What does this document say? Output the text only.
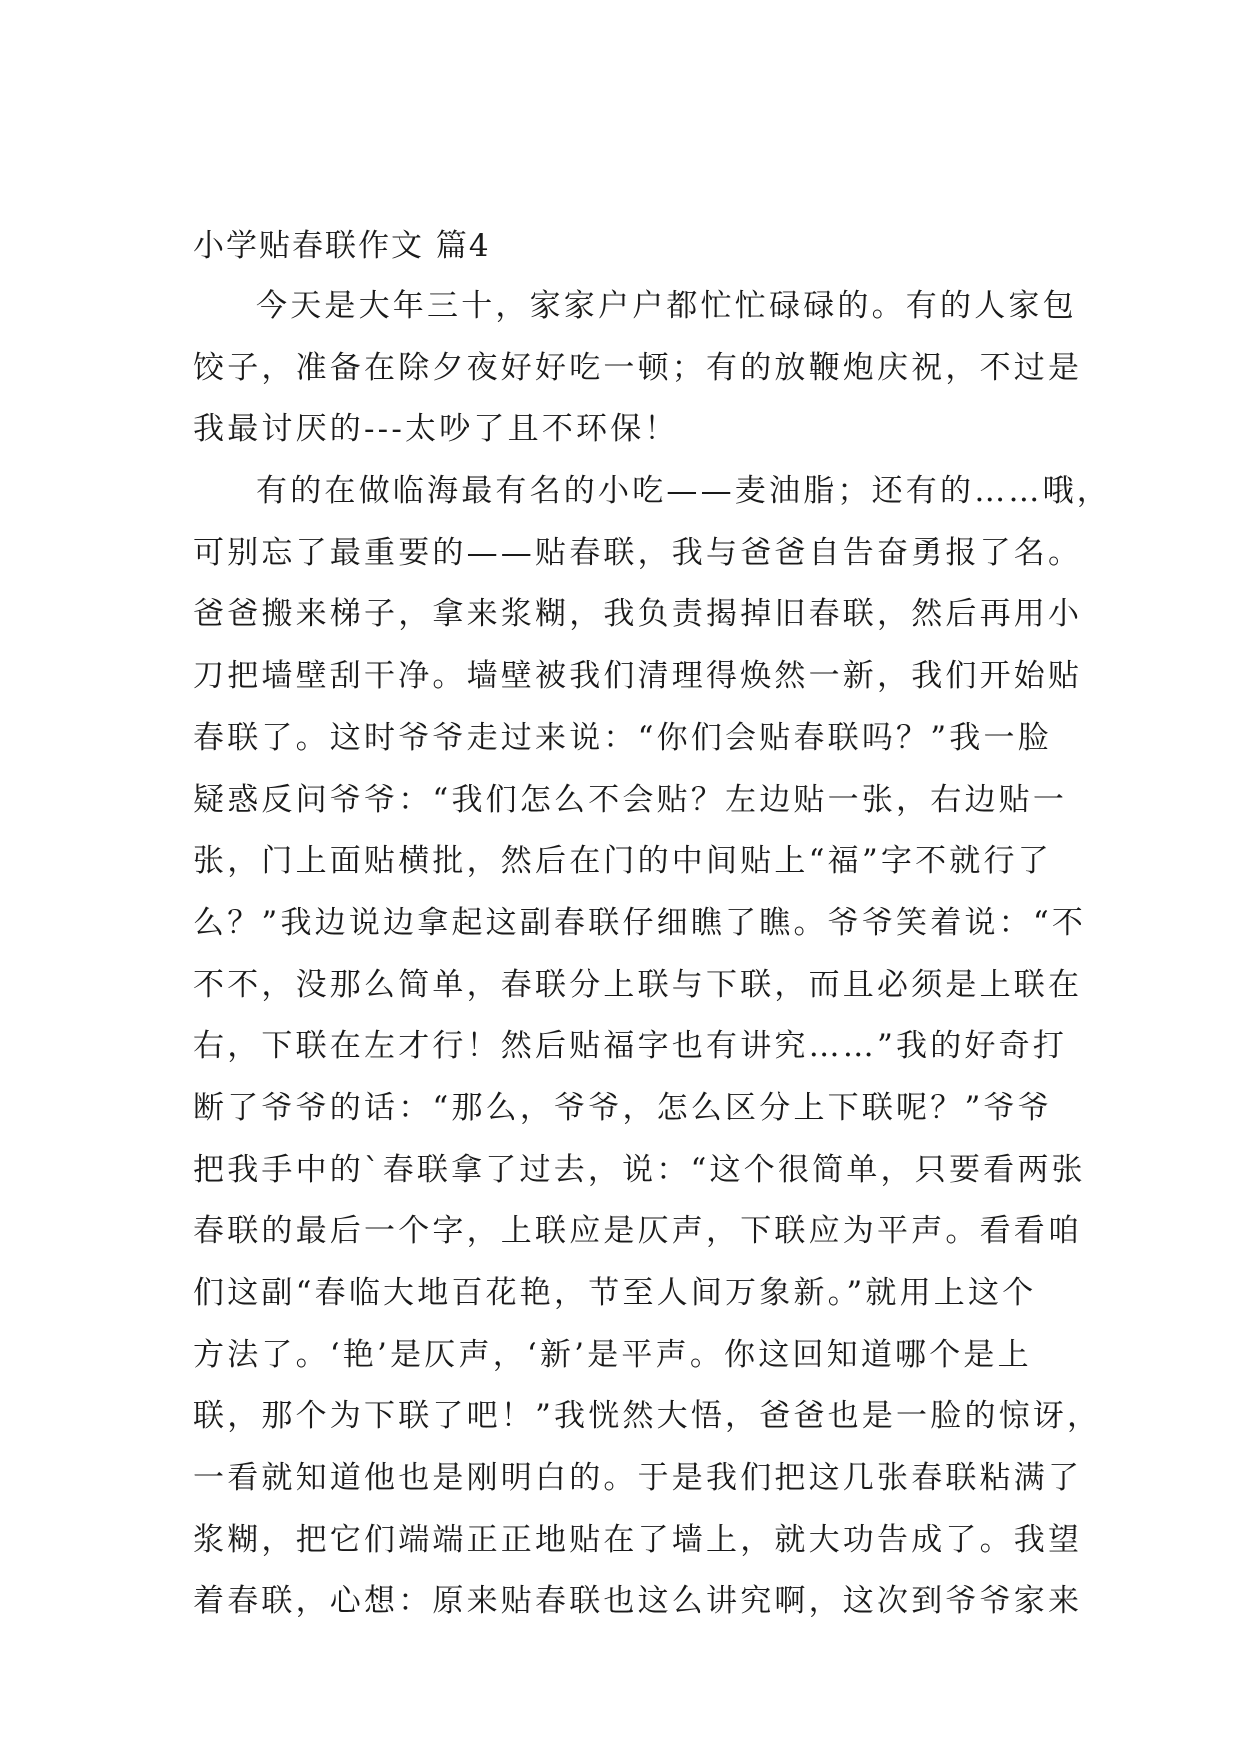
小学贴春联作文 篇4
今天是大年三十，家家户户都忙忙碌碌的。有的人家包
饺子，准备在除夕夜好好吃一顿；有的放鞭炮庆祝，不过是
我最讨厌的---太吵了且不环保！
有的在做临海最有名的小吃——麦油脂；还有的……哦，
可别忘了最重要的——贴春联，我与爸爸自告奋勇报了名。
爸爸搬来梯子，拿来浆糊，我负责揭掉旧春联，然后再用小
刀把墙壁刮干净。墙壁被我们清理得焕然一新，我们开始贴
春联了。这时爷爷走过来说：“你们会贴春联吗？”我一脸
疑惑反问爷爷：“我们怎么不会贴？左边贴一张，右边贴一
张，门上面贴横批，然后在门的中间贴上“福”字不就行了
么？”我边说边拿起这副春联仔细瞧了瞧。爷爷笑着说：“不
不不，没那么简单，春联分上联与下联，而且必须是上联在
右，下联在左才行！然后贴福字也有讲究……”我的好奇打
断了爷爷的话：“那么，爷爷，怎么区分上下联呢？”爷爷
把我手中的`春联拿了过去，说：“这个很简单，只要看两张
春联的最后一个字，上联应是仄声，下联应为平声。看看咱
们这副“春临大地百花艳，节至人间万象新。”就用上这个
方法了。‘艳’是仄声，‘新’是平声。你这回知道哪个是上
联，那个为下联了吧！”我恍然大悟，爸爸也是一脸的惊讶，
一看就知道他也是刚明白的。于是我们把这几张春联粘满了
浆糊，把它们端端正正地贴在了墙上，就大功告成了。我望
着春联，心想：原来贴春联也这么讲究啊，这次到爷爷家来
